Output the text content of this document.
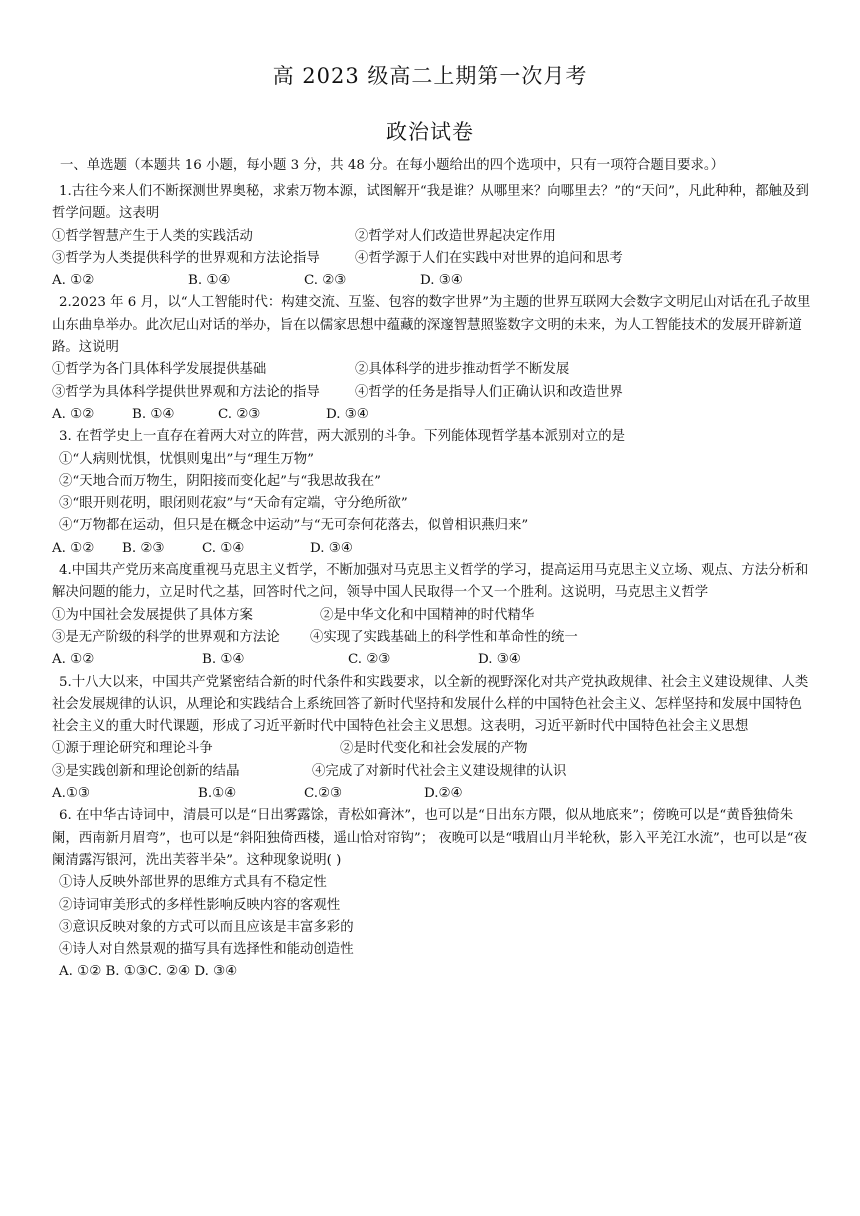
高 2023 级高二上期第一次月考
政治试卷
一、单选题（本题共 16 小题，每小题 3 分，共 48 分。在每小题给出的四个选项中，只有一项符合题目要求。）

1.古往今来人们不断探测世界奥秘，求索万物本源，试图解开“我是谁？从哪里来？向哪里去？”的“天问”，凡此种种，都触及到哲学问题。这表明

①哲学智慧产生于人类的实践活动	②哲学对人们改造世界起决定作用
③哲学为人类提供科学的世界观和方法论指导	④哲学源于人们在实践中对世界的追问和思考
A. ①②	B. ①④	C. ②③	D. ③④

2.2023 年 6 月，以“人工智能时代：构建交流、互鉴、包容的数字世界”为主题的世界互联网大会数字文明尼山对话在孔子故里山东曲阜举办。此次尼山对话的举办，旨在以儒家思想中蕴藏的深邃智慧照鉴数字文明的未来，为人工智能技术的发展开辟新道路。这说明

①哲学为各门具体科学发展提供基础	②具体科学的进步推动哲学不断发展
③哲学为具体科学提供世界观和方法论的指导	④哲学的任务是指导人们正确认识和改造世界
A. ①②	B. ①④	C. ②③	D. ③④

3. 在哲学史上一直存在着两大对立的阵营，两大派别的斗争。下列能体现哲学基本派别对立的是

①“人病则忧惧，忧惧则鬼出”与“理生万物”
②“天地合而万物生，阴阳接而变化起”与“我思故我在”
③“眼开则花明，眼闭则花寂”与“天命有定端，守分绝所欲”
④“万物都在运动，但只是在概念中运动”与“无可奈何花落去，似曾相识燕归来”
A. ①② B. ②③	C. ①④	D. ③④

4.中国共产党历来高度重视马克思主义哲学，不断加强对马克思主义哲学的学习，提高运用马克思主义立场、观点、方法分析和解决问题的能力，立足时代之基，回答时代之问，领导中国人民取得一个又一个胜利。这说明，马克思主义哲学

①为中国社会发展提供了具体方案	②是中华文化和中国精神的时代精华
③是无产阶级的科学的世界观和方法论 ④实现了实践基础上的科学性和革命性的统一
A. ①②	B. ①④	C. ②③	D. ③④

5.十八大以来，中国共产党紧密结合新的时代条件和实践要求，以全新的视野深化对共产党执政规律、社会主义建设规律、人类社会发展规律的认识，从理论和实践结合上系统回答了新时代坚持和发展什么样的中国特色社会主义、怎样坚持和发展中国特色社会主义的重大时代课题，形成了习近平新时代中国特色社会主义思想。这表明，习近平新时代中国特色社会主义思想

①源于理论研究和理论斗争	②是时代变化和社会发展的产物
③是实践创新和理论创新的结晶	④完成了对新时代社会主义建设规律的认识
A.①③	B.①④	C.②③	D.②④

6. 在中华古诗词中，清晨可以是“日出雾露馀，青松如膏沐”，也可以是“日出东方隈，似从地底来”；傍晚可以是“黄昏独倚朱阑，西南新月眉弯”，也可以是“斜阳独倚西楼，遥山恰对帘钩”； 夜晚可以是“哦眉山月半轮秋，影入平羌江水流”，也可以是“夜阑清露泻银河，洗出芙蓉半朵”。这种现象说明( )

①诗人反映外部世界的思维方式具有不稳定性
②诗词审美形式的多样性影响反映内容的客观性
③意识反映对象的方式可以而且应该是丰富多彩的
④诗人对自然景观的描写具有选择性和能动创造性
A. ①② B. ①③C. ②④ D. ③④
